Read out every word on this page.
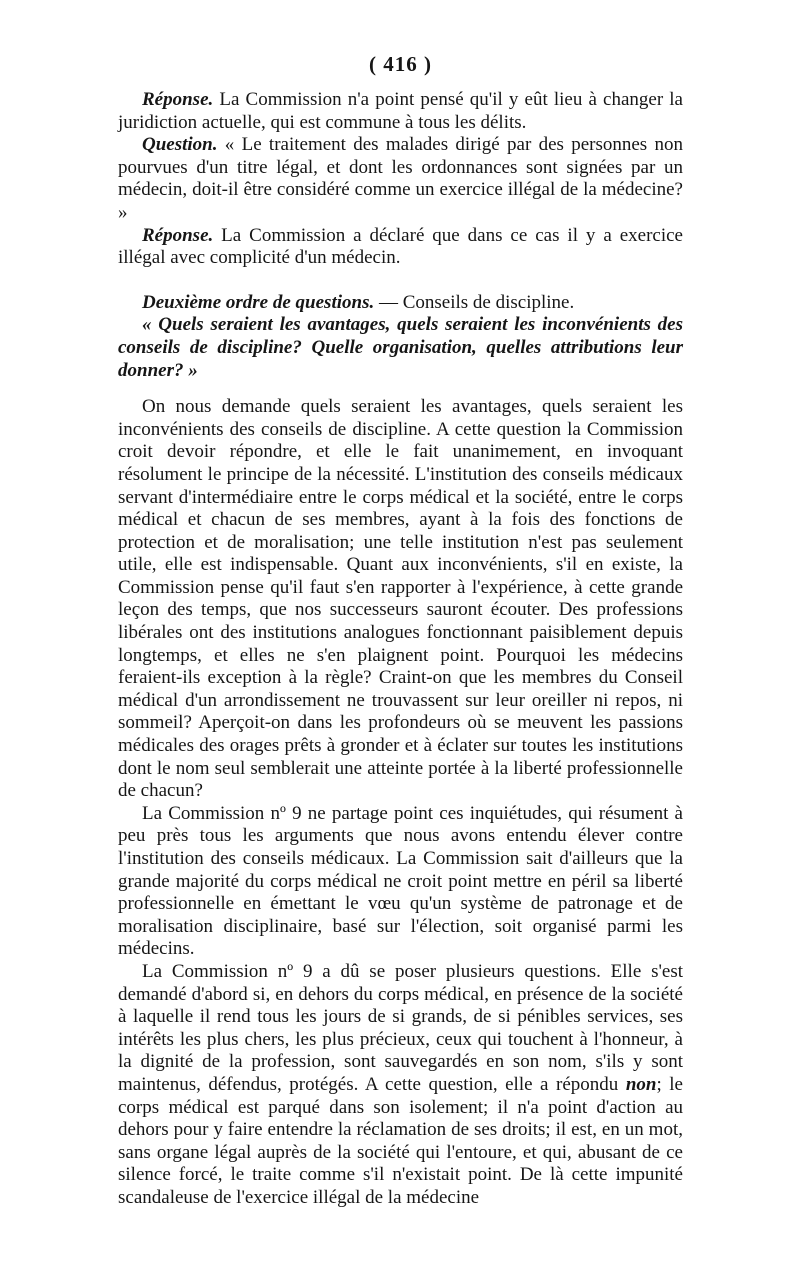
( 416 )

Réponse. La Commission n'a point pensé qu'il y eût lieu à changer la juridiction actuelle, qui est commune à tous les délits.

Question. « Le traitement des malades dirigé par des personnes non pourvues d'un titre légal, et dont les ordonnances sont signées par un médecin, doit-il être considéré comme un exercice illégal de la médecine? »

Réponse. La Commission a déclaré que dans ce cas il y a exercice illégal avec complicité d'un médecin.

Deuxième ordre de questions. — Conseils de discipline.

« Quels seraient les avantages, quels seraient les inconvénients des conseils de discipline? Quelle organisation, quelles attributions leur donner? »

On nous demande quels seraient les avantages, quels seraient les inconvénients des conseils de discipline. A cette question la Commission croit devoir répondre, et elle le fait unanimement, en invoquant résolument le principe de la nécessité. L'institution des conseils médicaux servant d'intermédiaire entre le corps médical et la société, entre le corps médical et chacun de ses membres, ayant à la fois des fonctions de protection et de moralisation; une telle institution n'est pas seulement utile, elle est indispensable. Quant aux inconvénients, s'il en existe, la Commission pense qu'il faut s'en rapporter à l'expérience, à cette grande leçon des temps, que nos successeurs sauront écouter. Des professions libérales ont des institutions analogues fonctionnant paisiblement depuis longtemps, et elles ne s'en plaignent point. Pourquoi les médecins feraient-ils exception à la règle? Craint-on que les membres du Conseil médical d'un arrondissement ne trouvassent sur leur oreiller ni repos, ni sommeil? Aperçoit-on dans les profondeurs où se meuvent les passions médicales des orages prêts à gronder et à éclater sur toutes les institutions dont le nom seul semblerait une atteinte portée à la liberté professionnelle de chacun?

La Commission nº 9 ne partage point ces inquiétudes, qui résument à peu près tous les arguments que nous avons entendu élever contre l'institution des conseils médicaux. La Commission sait d'ailleurs que la grande majorité du corps médical ne croit point mettre en péril sa liberté professionnelle en émettant le vœu qu'un système de patronage et de moralisation disciplinaire, basé sur l'élection, soit organisé parmi les médecins.

La Commission nº 9 a dû se poser plusieurs questions. Elle s'est demandé d'abord si, en dehors du corps médical, en présence de la société à laquelle il rend tous les jours de si grands, de si pénibles services, ses intérêts les plus chers, les plus précieux, ceux qui touchent à l'honneur, à la dignité de la profession, sont sauvegardés en son nom, s'ils y sont maintenus, défendus, protégés. A cette question, elle a répondu non; le corps médical est parqué dans son isolement; il n'a point d'action au dehors pour y faire entendre la réclamation de ses droits; il est, en un mot, sans organe légal auprès de la société qui l'entoure, et qui, abusant de ce silence forcé, le traite comme s'il n'existait point. De là cette impunité scandaleuse de l'exercice illégal de la médecine
